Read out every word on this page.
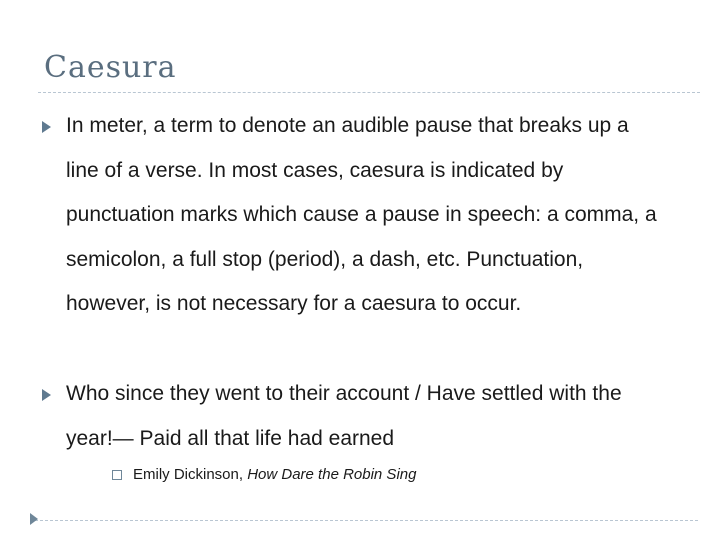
Caesura

In meter, a term to denote an audible pause that breaks up a line of a verse. In most cases, caesura is indicated by punctuation marks which cause a pause in speech: a comma, a semicolon, a full stop (period), a dash, etc. Punctuation, however, is not necessary for a caesura to occur.

Who since they went to their account / Have settled with the year!— Paid all that life had earned

Emily Dickinson, How Dare the Robin Sing
